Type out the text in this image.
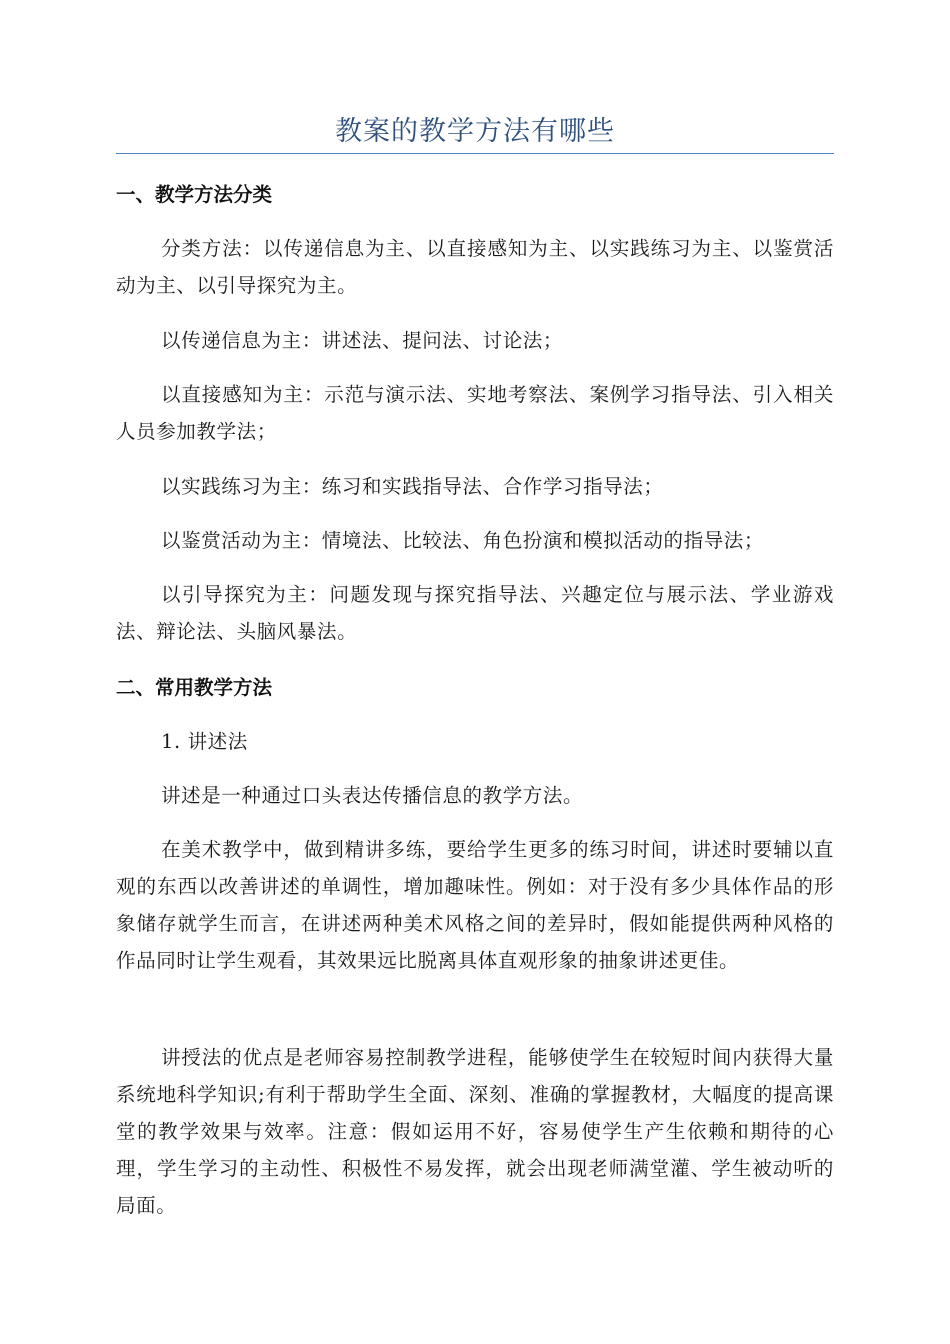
教案的教学方法有哪些
一、教学方法分类
分类方法：以传递信息为主、以直接感知为主、以实践练习为主、以鉴赏活动为主、以引导探究为主。
以传递信息为主：讲述法、提问法、讨论法；
以直接感知为主：示范与演示法、实地考察法、案例学习指导法、引入相关人员参加教学法；
以实践练习为主：练习和实践指导法、合作学习指导法；
以鉴赏活动为主：情境法、比较法、角色扮演和模拟活动的指导法；
以引导探究为主：问题发现与探究指导法、兴趣定位与展示法、学业游戏法、辩论法、头脑风暴法。
二、常用教学方法
1. 讲述法
讲述是一种通过口头表达传播信息的教学方法。
在美术教学中，做到精讲多练，要给学生更多的练习时间，讲述时要辅以直观的东西以改善讲述的单调性，增加趣味性。例如：对于没有多少具体作品的形象储存就学生而言，在讲述两种美术风格之间的差异时，假如能提供两种风格的作品同时让学生观看，其效果远比脱离具体直观形象的抽象讲述更佳。
讲授法的优点是老师容易控制教学进程，能够使学生在较短时间内获得大量系统地科学知识;有利于帮助学生全面、深刻、准确的掌握教材，大幅度的提高课堂的教学效果与效率。注意：假如运用不好，容易使学生产生依赖和期待的心理，学生学习的主动性、积极性不易发挥，就会出现老师满堂灌、学生被动听的局面。
